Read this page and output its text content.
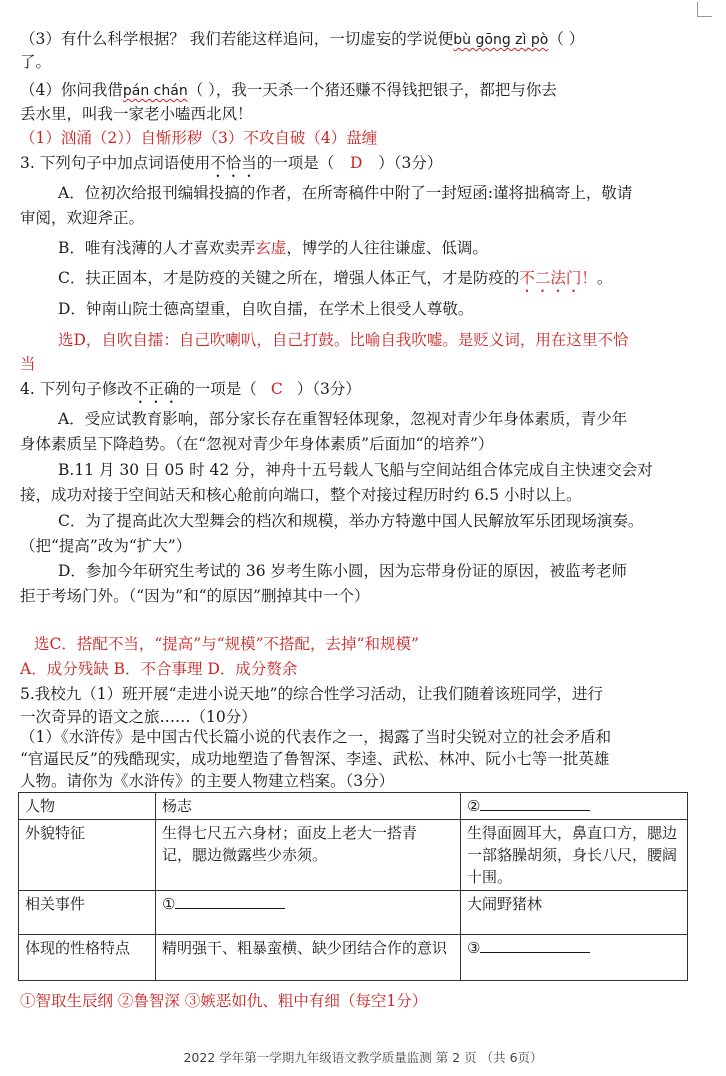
（3）有什么科学根据？ 我们若能这样追问，一切虚妄的学说便bù gōng zì pò（ ）
了。
（4）你问我借pán chán（ ），我一天杀一个猪还赚不得钱把银子，都把与你去
丢水里，叫我一家老小嗑西北风！
（1）汹涌（2））自惭形秽（3）不攻自破（4）盘缠
3. 下列句子中加点词语使用不恰当的一项是（ D ）（3分）
A．位初次给报刊编辑投搞的作者，在所寄稿件中附了一封短函:谨将拙稿寄上，敬请
审阅，欢迎斧正。
B．唯有浅薄的人才喜欢卖弄玄虚，博学的人往往谦虚、低调。
C．扶正固本，才是防疫的关键之所在，增强人体正气，才是防疫的不二法门！。
D．钟南山院士德高望重，自吹自擂，在学术上很受人尊敬。
选D，自吹自擂：自己吹喇叭，自己打鼓。比喻自我吹嘘。是贬义词，用在这里不恰
当
4. 下列句子修改不正确的一项是（ C ）（3分）
A．受应试教育影响，部分家长存在重智轻体现象，忽视对青少年身体素质，青少年
身体素质呈下降趋势。（在“忽视对青少年身体素质”后面加“的培养”）
B.11 月 30 日 05 时 42 分，神舟十五号载人飞船与空间站组合体完成自主快速交会对
接，成功对接于空间站天和核心舱前向端口，整个对接过程历时约 6.5 小时以上。
C．为了提高此次大型舞会的档次和规模，举办方特邀中国人民解放军乐团现场演奏。
（把“提高”改为“扩大”）
D．参加今年研究生考试的 36 岁考生陈小圆，因为忘带身份证的原因，被监考老师
拒于考场门外。（“因为”和“的原因”删掉其中一个）
选C．搭配不当，“提高”与“规模”不搭配，去掉“和规模”
A．成分残缺 B．不合事理 D．成分赘余
5.我校九（1）班开展“走进小说天地”的综合性学习活动，让我们随着该班同学，进行
一次奇异的语文之旅……（10分）
（1）《水浒传》是中国古代长篇小说的代表作之一，揭露了当时尖锐对立的社会矛盾和
“官逼民反”的残酷现实，成功地塑造了鲁智深、李逵、武松、林冲、阮小七等一批英雄
人物。请你为《水浒传》的主要人物建立档案。（3分）
人物	杨志	②
外貌特征	生得七尺五六身材；面皮上老大一搭青记，腮边微露些少赤须。	生得面圆耳大，鼻直口方，腮边一部貉臊胡须，身长八尺，腰阔十围。
相关事件	①	大闹野猪林
体现的性格特点	精明强干、粗暴蛮横、缺少团结合作的意识	③
①智取生辰纲 ②鲁智深 ③嫉恶如仇、粗中有细（每空1分）
2022 学年第一学期九年级语文教学质量监测 第 2 页 （共 6页）
